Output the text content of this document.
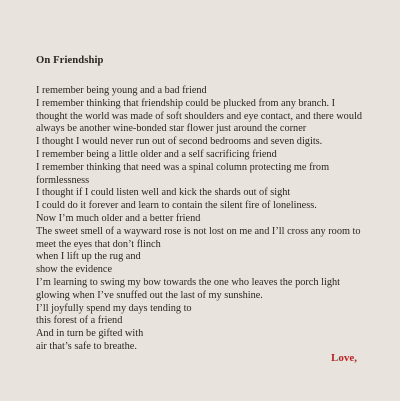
On Friendship
I remember being young and a bad friend
I remember thinking that friendship could be plucked from any branch. I
thought the world was made of soft shoulders and eye contact, and there would
always be another wine-bonded star flower just around the corner
I thought I would never run out of second bedrooms and seven digits.
I remember being a little older and a self sacrificing friend
I remember thinking that need was a spinal column protecting me from
formlessness
I thought if I could listen well and kick the shards out of sight
I could do it forever and learn to contain the silent fire of loneliness.
Now I’m much older and a better friend
The sweet smell of a wayward rose is not lost on me and I’ll cross any room to
meet the eyes that don’t flinch
when I lift up the rug and
show the evidence
I’m learning to swing my bow towards the one who leaves the porch light
glowing when I’ve snuffed out the last of my sunshine.
I’ll joyfully spend my days tending to
this forest of a friend
And in turn be gifted with
air that’s safe to breathe.
Love,
